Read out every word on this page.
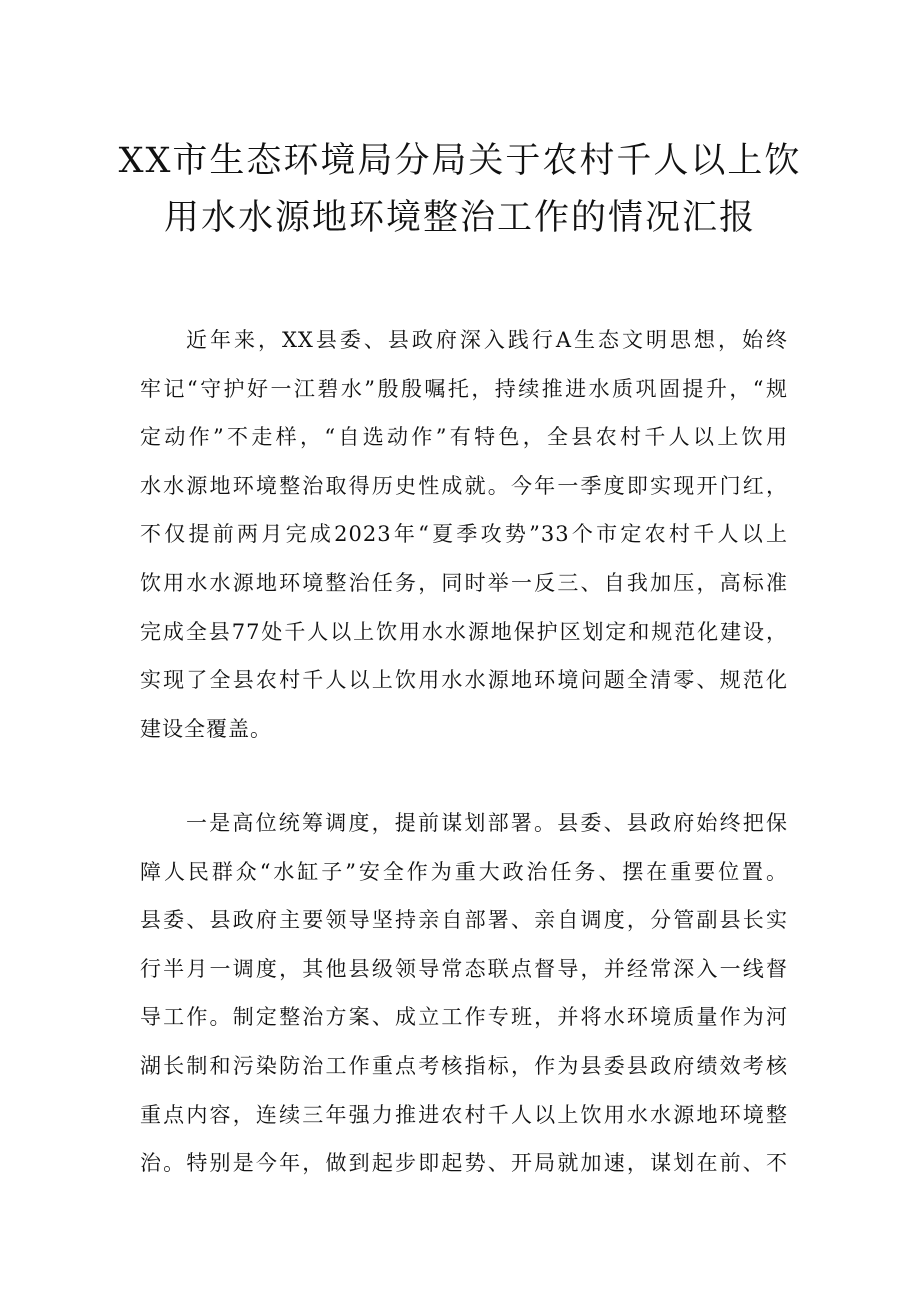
XX市生态环境局分局关于农村千人以上饮
用水水源地环境整治工作的情况汇报
近年来，XX县委、县政府深入践行A生态文明思想，始终
牢记“守护好一江碧水”殷殷嘱托，持续推进水质巩固提升，“规
定动作”不走样，“自选动作”有特色，全县农村千人以上饮用
水水源地环境整治取得历史性成就。今年一季度即实现开门红，
不仅提前两月完成2023年“夏季攻势”33个市定农村千人以上
饮用水水源地环境整治任务，同时举一反三、自我加压，高标准
完成全县77处千人以上饮用水水源地保护区划定和规范化建设，
实现了全县农村千人以上饮用水水源地环境问题全清零、规范化
建设全覆盖。
一是高位统筹调度，提前谋划部署。县委、县政府始终把保
障人民群众“水缸子”安全作为重大政治任务、摆在重要位置。
县委、县政府主要领导坚持亲自部署、亲自调度，分管副县长实
行半月一调度，其他县级领导常态联点督导，并经常深入一线督
导工作。制定整治方案、成立工作专班，并将水环境质量作为河
湖长制和污染防治工作重点考核指标，作为县委县政府绩效考核
重点内容，连续三年强力推进农村千人以上饮用水水源地环境整
治。特别是今年，做到起步即起势、开局就加速，谋划在前、不
